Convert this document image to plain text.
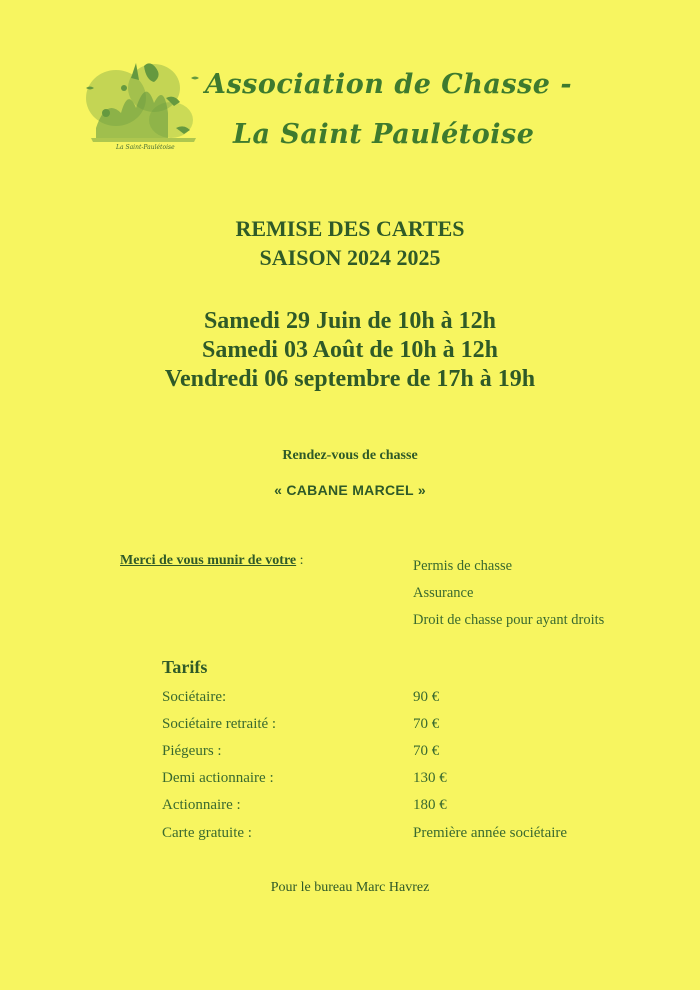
La Saint-Paulétoise
Association de Chasse -
La Saint Paulétoise
REMISE DES CARTES
SAISON 2024 2025
Samedi 29 Juin de 10h à 12h
Samedi 03 Août de 10h à 12h
Vendredi 06 septembre de 17h à 19h
Rendez-vous de chasse
« CABANE MARCEL »
Merci de vous munir de votre :	Permis de chasse
Assurance
Droit de chasse pour ayant droits
Tarifs
Sociétaire:	90 €
Sociétaire retraité :	70 €
Piégeurs :	70 €
Demi actionnaire :	130 €
Actionnaire :	180 €
Carte gratuite :	Première année sociétaire
Pour le bureau Marc Havrez
